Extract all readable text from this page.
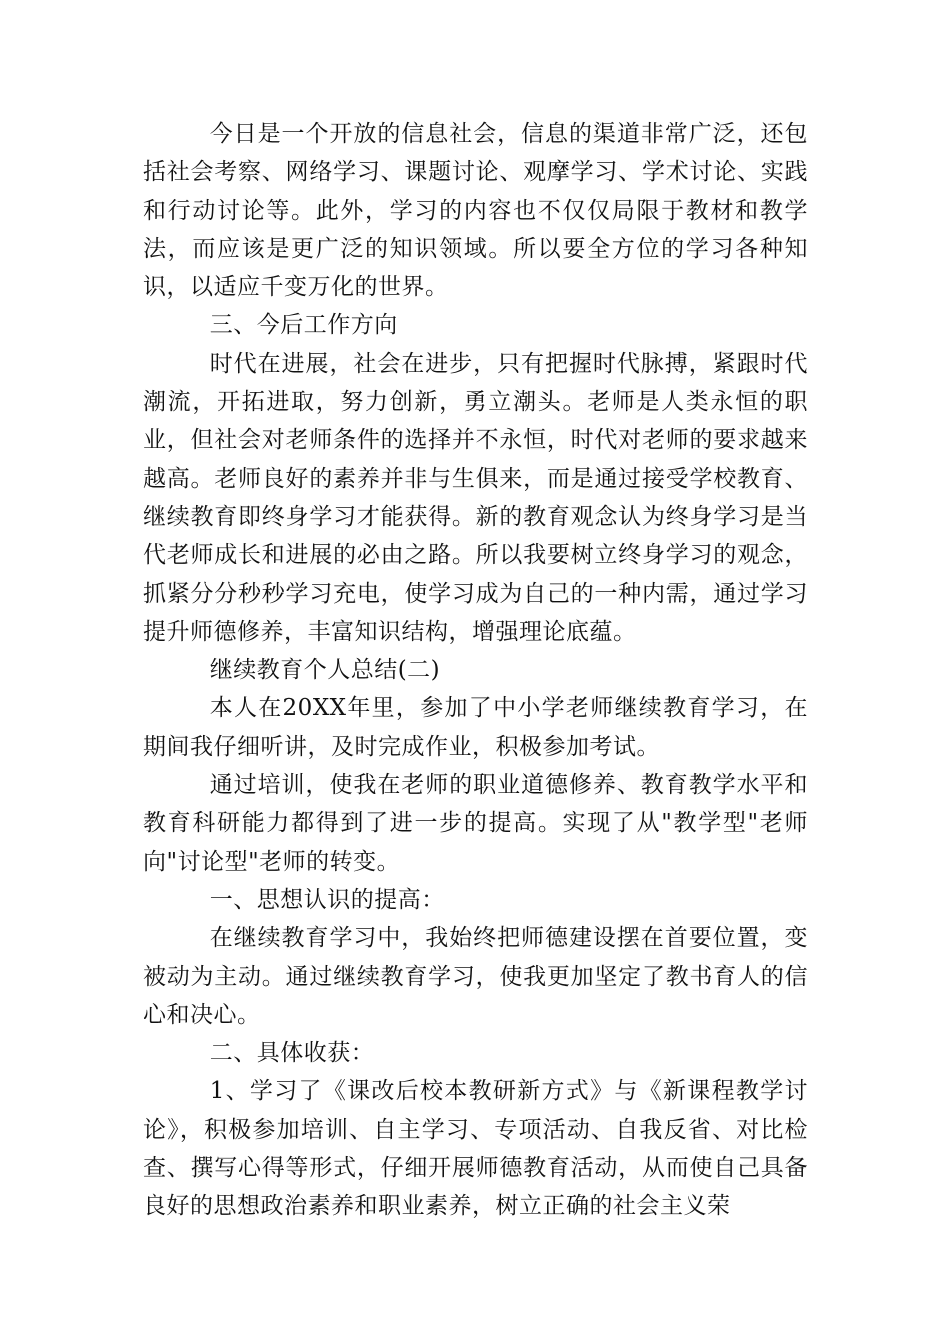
今日是一个开放的信息社会，信息的渠道非常广泛，还包括社会考察、网络学习、课题讨论、观摩学习、学术讨论、实践和行动讨论等。此外，学习的内容也不仅仅局限于教材和教学法，而应该是更广泛的知识领域。所以要全方位的学习各种知识，以适应千变万化的世界。

三、今后工作方向

时代在进展，社会在进步，只有把握时代脉搏，紧跟时代潮流，开拓进取，努力创新，勇立潮头。老师是人类永恒的职业，但社会对老师条件的选择并不永恒，时代对老师的要求越来越高。老师良好的素养并非与生俱来，而是通过接受学校教育、继续教育即终身学习才能获得。新的教育观念认为终身学习是当代老师成长和进展的必由之路。所以我要树立终身学习的观念，抓紧分分秒秒学习充电，使学习成为自己的一种内需，通过学习提升师德修养，丰富知识结构，增强理论底蕴。

继续教育个人总结(二)

本人在20XX年里，参加了中小学老师继续教育学习，在期间我仔细听讲，及时完成作业，积极参加考试。

通过培训，使我在老师的职业道德修养、教育教学水平和教育科研能力都得到了进一步的提高。实现了从"教学型"老师向"讨论型"老师的转变。

一、思想认识的提高：

在继续教育学习中，我始终把师德建设摆在首要位置，变被动为主动。通过继续教育学习，使我更加坚定了教书育人的信心和决心。

二、具体收获：

1、学习了《课改后校本教研新方式》与《新课程教学讨论》，积极参加培训、自主学习、专项活动、自我反省、对比检查、撰写心得等形式，仔细开展师德教育活动，从而使自己具备良好的思想政治素养和职业素养，树立正确的社会主义荣
